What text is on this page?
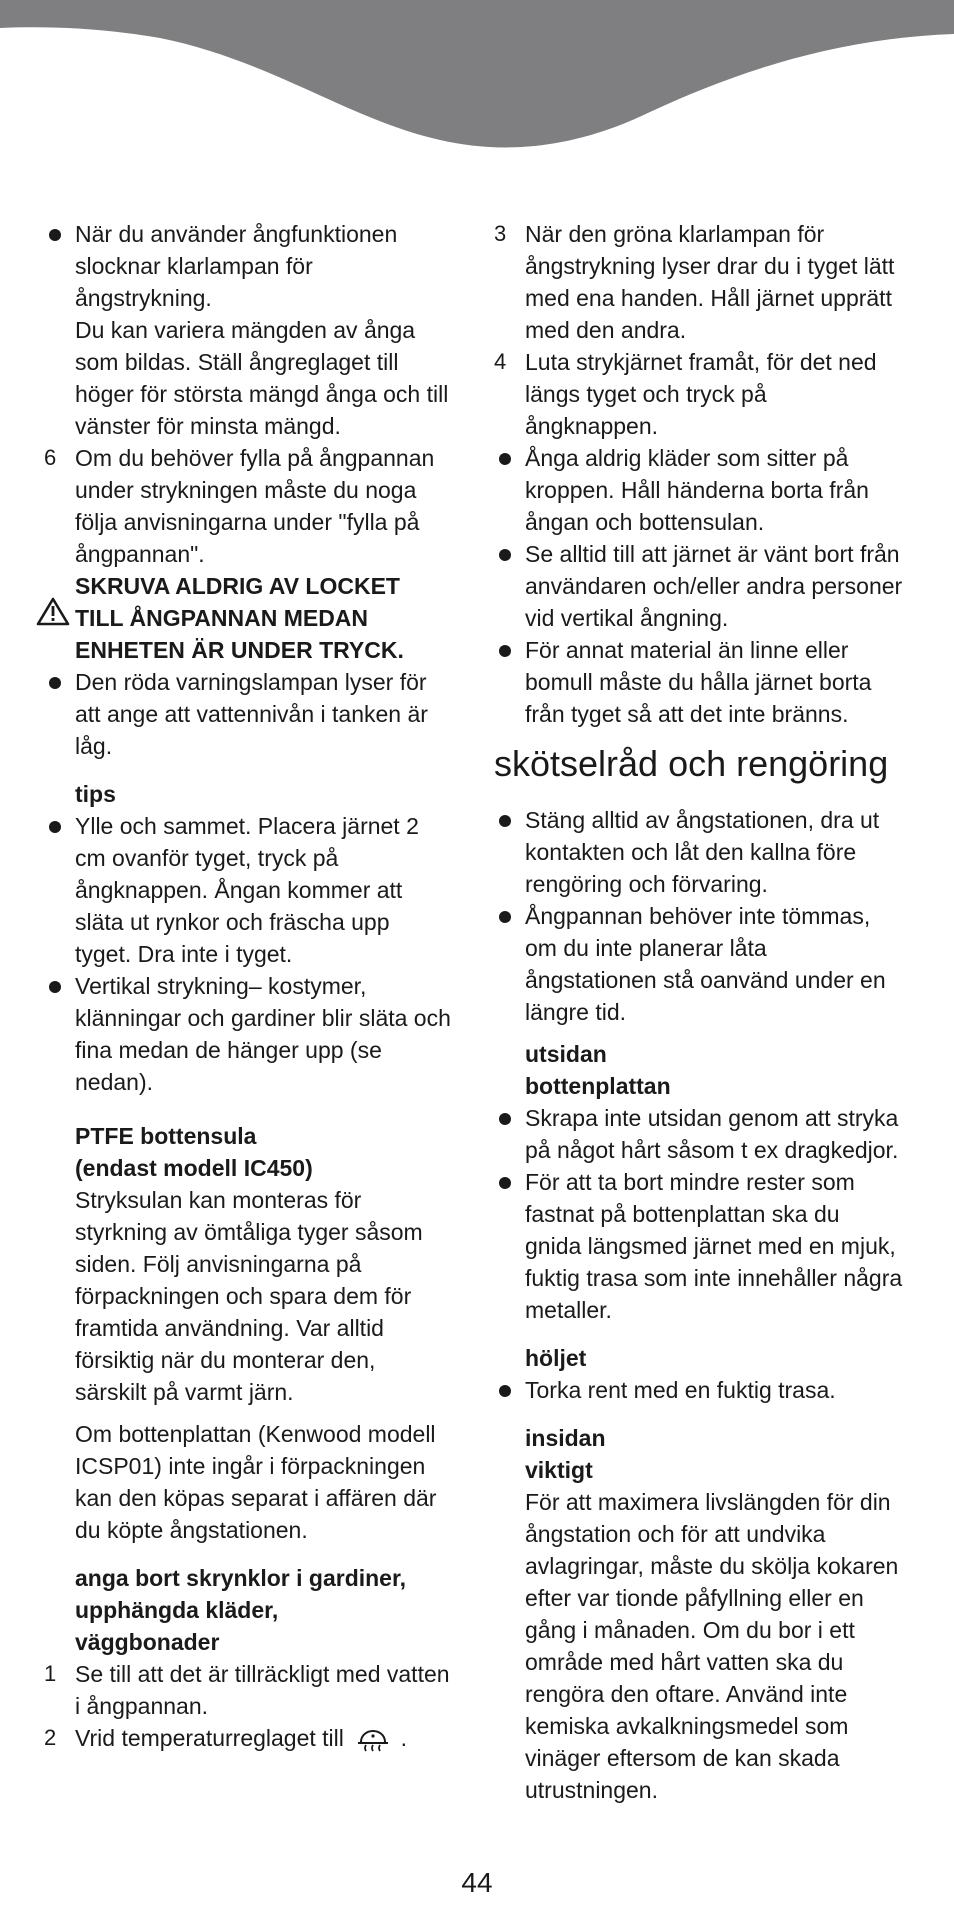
När du använder ångfunktionen
slocknar klarlampan för
ångstrykning.
Du kan variera mängden av ånga
som bildas. Ställ ångreglaget till
höger för största mängd ånga och till
vänster för minsta mängd.
6 Om du behöver fylla på ångpannan
under strykningen måste du noga
följa anvisningarna under "fylla på
ångpannan".
SKRUVA ALDRIG AV LOCKET
TILL ÅNGPANNAN MEDAN
ENHETEN ÄR UNDER TRYCK.
Den röda varningslampan lyser för
att ange att vattennivån i tanken är
låg.
tips
Ylle och sammet. Placera järnet 2
cm ovanför tyget, tryck på
ångknappen. Ångan kommer att
släta ut rynkor och fräscha upp
tyget. Dra inte i tyget.
Vertikal strykning– kostymer,
klänningar och gardiner blir släta och
fina medan de hänger upp (se
nedan).
PTFE bottensula
(endast modell IC450)
Stryksulan kan monteras för
styrkning av ömtåliga tyger såsom
siden. Följ anvisningarna på
förpackningen och spara dem för
framtida användning. Var alltid
försiktig när du monterar den,
särskilt på varmt järn.
Om bottenplattan (Kenwood modell
ICSP01) inte ingår i förpackningen
kan den köpas separat i affären där
du köpte ångstationen.
anga bort skrynklor i gardiner,
upphängda kläder,
väggbonader
1 Se till att det är tillräckligt med vatten
i ångpannan.
2 Vrid temperaturreglaget till .
3 När den gröna klarlampan för
ångstrykning lyser drar du i tyget lätt
med ena handen. Håll järnet upprätt
med den andra.
4 Luta strykjärnet framåt, för det ned
längs tyget och tryck på
ångknappen.
Ånga aldrig kläder som sitter på
kroppen. Håll händerna borta från
ångan och bottensulan.
Se alltid till att järnet är vänt bort från
användaren och/eller andra personer
vid vertikal ångning.
För annat material än linne eller
bomull måste du hålla järnet borta
från tyget så att det inte bränns.
skötselråd och rengöring
Stäng alltid av ångstationen, dra ut
kontakten och låt den kallna före
rengöring och förvaring.
Ångpannan behöver inte tömmas,
om du inte planerar låta
ångstationen stå oanvänd under en
längre tid.
utsidan
bottenplattan
Skrapa inte utsidan genom att stryka
på något hårt såsom t ex dragkedjor.
För att ta bort mindre rester som
fastnat på bottenplattan ska du
gnida längsmed järnet med en mjuk,
fuktig trasa som inte innehåller några
metaller.
höljet
Torka rent med en fuktig trasa.
insidan
viktigt
För att maximera livslängden för din
ångstation och för att undvika
avlagringar, måste du skölja kokaren
efter var tionde påfyllning eller en
gång i månaden. Om du bor i ett
område med hårt vatten ska du
rengöra den oftare. Använd inte
kemiska avkalkningsmedel som
vinäger eftersom de kan skada
utrustningen.
44
